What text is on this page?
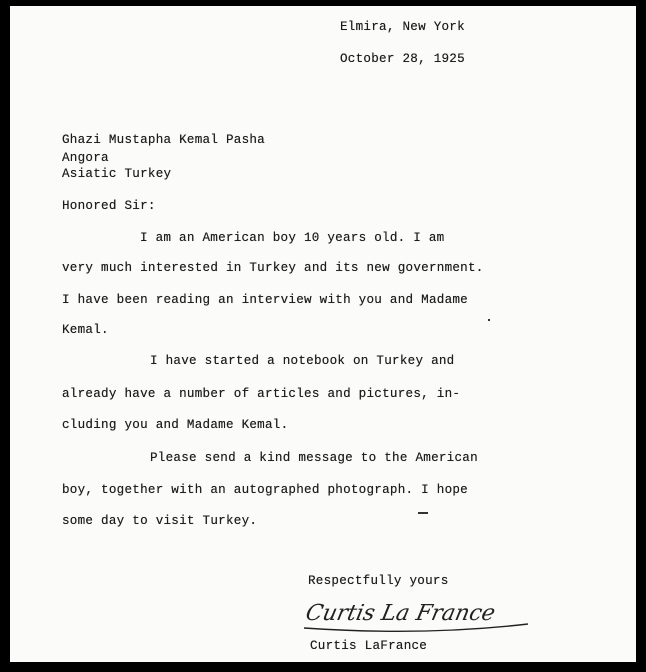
Elmira, New York
October 28, 1925
Ghazi Mustapha Kemal Pasha
Angora
Asiatic Turkey
Honored Sir:
I am an American boy 10 years old. I am
very much interested in Turkey and its new government.
I have been reading an interview with you and Madame
Kemal.
I have started a notebook on Turkey and
already have a number of articles and pictures, in-
cluding you and Madame Kemal.
Please send a kind message to the American
boy, together with an autographed photograph. I hope
some day to visit Turkey.
Respectfully yours
Curtis La France
Curtis LaFrance
